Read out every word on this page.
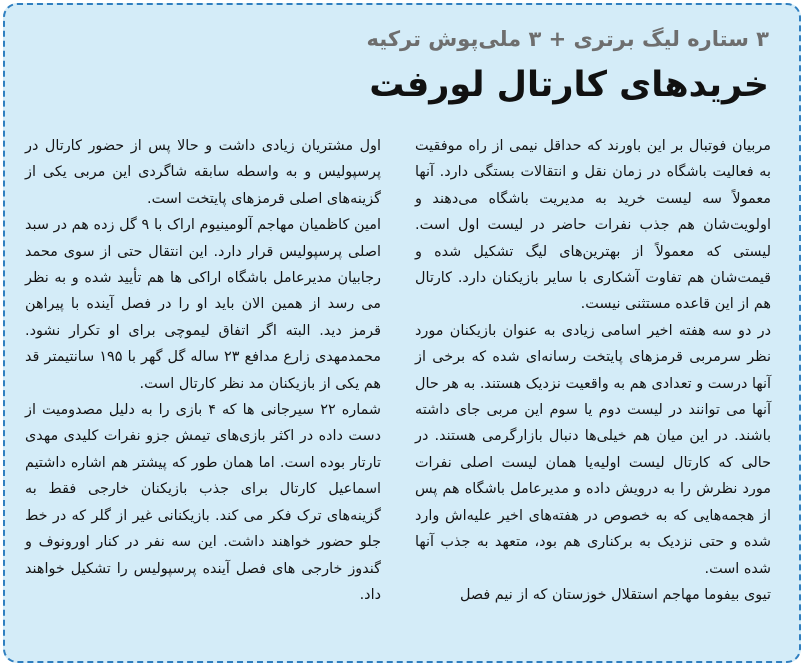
۳ ستاره لیگ برتری + ۳ ملی‌پوش ترکیه
خریدهای کارتال لورفت

مربیان فوتبال بر این باورند که حداقل نیمی از راه موفقیت به فعالیت باشگاه در زمان نقل و انتقالات بستگی دارد. آنها معمولاً سه لیست خرید به مدیریت باشگاه می‌دهند و اولویت‌شان هم جذب نفرات حاضر در لیست اول است. لیستی که معمولاً از بهترین‌های لیگ تشکیل شده و قیمت‌شان هم تفاوت آشکاری با سایر بازیکنان دارد. کارتال هم از این قاعده مستثنی نیست.

در دو سه هفته اخیر اسامی زیادی به عنوان بازیکنان مورد نظر سرمربی قرمزهای پایتخت رسانه‌ای شده که برخی از آنها درست و تعدادی هم به واقعیت نزدیک هستند. به هر حال آنها می توانند در لیست دوم یا سوم این مربی جای داشته باشند. در این میان هم خیلی‌ها دنبال بازارگرمی هستند. در حالی که کارتال لیست اولیه‌یا همان لیست اصلی نفرات مورد نظرش را به درویش داده و مدیرعامل باشگاه هم پس از هجمه‌هایی که به خصوص در هفته‌های اخیر علیه‌اش وارد شده و حتی نزدیک به برکناری هم بود، متعهد به جذب آنها شده است.

تیوی بیفوما مهاجم استقلال خوزستان که از نیم فصل

اول مشتریان زیادی داشت و حالا پس از حضور کارتال در پرسپولیس و به واسطه سابقه شاگردی این مربی یکی از گزینه‌های اصلی قرمزهای پایتخت است.

امین کاظمیان مهاجم آلومینیوم اراک با ۹ گل زده هم در سبد اصلی پرسپولیس قرار دارد. این انتقال حتی از سوی محمد رجابیان مدیرعامل باشگاه اراکی ها هم تأیید شده و به نظر می رسد از همین الان باید او را در فصل آینده با پیراهن قرمز دید. البته اگر اتفاق لیموچی برای او تکرار نشود. محمدمهدی زارع مدافع ۲۳ ساله گل گهر با ۱۹۵ سانتیمتر قد هم یکی از بازیکنان مد نظر کارتال است.

شماره ۲۲ سیرجانی ها که ۴ بازی را به دلیل مصدومیت از دست داده در اکثر بازی‌های تیمش جزو نفرات کلیدی مهدی تارتار بوده است. اما همان طور که پیشتر هم اشاره داشتیم اسماعیل کارتال برای جذب بازیکنان خارجی فقط به گزینه‌های ترک فکر می کند. بازیکنانی غیر از گلر که در خط جلو حضور خواهند داشت. این سه نفر در کنار اورونوف و گندوز خارجی های فصل آینده پرسپولیس را تشکیل خواهند داد.
